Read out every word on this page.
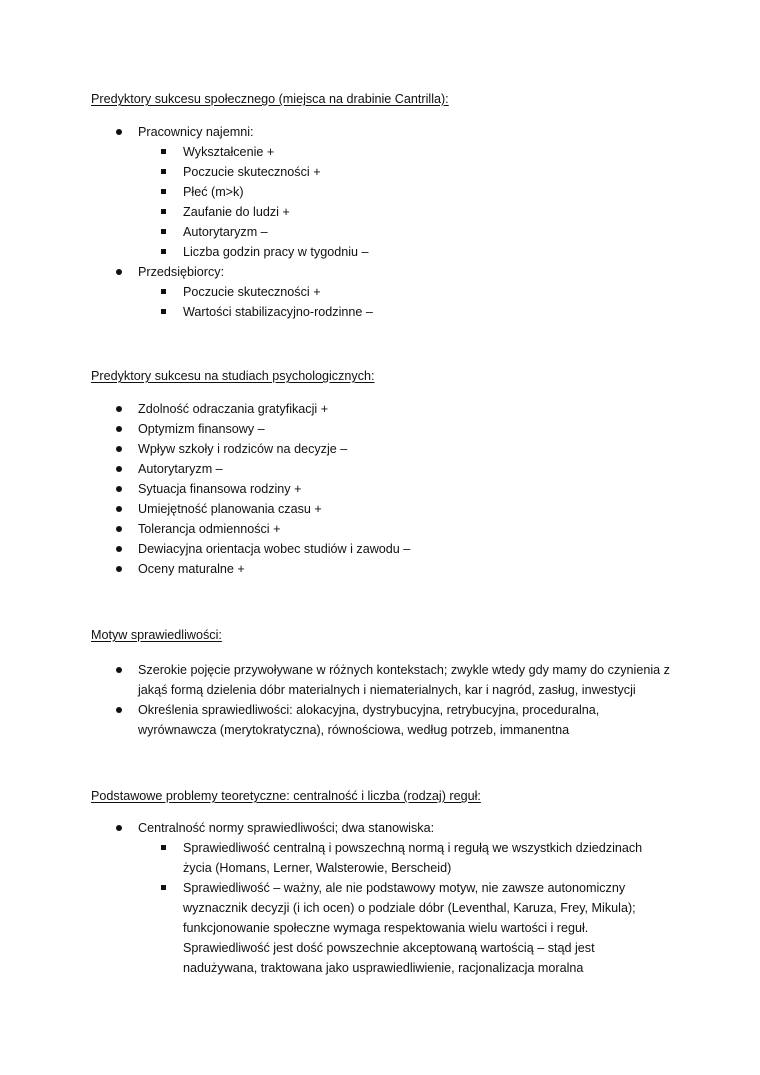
Predyktory sukcesu społecznego (miejsca na drabinie Cantrilla):
Pracownicy najemni:
Wykształcenie +
Poczucie skuteczności +
Płeć (m>k)
Zaufanie do ludzi +
Autorytaryzm –
Liczba godzin pracy w tygodniu –
Przedsiębiorcy:
Poczucie skuteczności +
Wartości stabilizacyjno-rodzinne –
Predyktory sukcesu na studiach psychologicznych:
Zdolność odraczania gratyfikacji +
Optymizm finansowy –
Wpływ szkoły i rodziców na decyzje –
Autorytaryzm –
Sytuacja finansowa rodziny +
Umiejętność planowania czasu +
Tolerancja odmienności +
Dewiacyjna orientacja wobec studiów i zawodu –
Oceny maturalne +
Motyw sprawiedliwości:
Szerokie pojęcie przywoływane w różnych kontekstach; zwykle wtedy gdy mamy do czynienia z jakąś formą dzielenia dóbr materialnych i niematerialnych, kar i nagród, zasług, inwestycji
Określenia sprawiedliwości: alokacyjna, dystrybucyjna, retrybucyjna, proceduralna, wyrównawcza (merytokratyczna), równościowa, według potrzeb, immanentna
Podstawowe problemy teoretyczne: centralność i liczba (rodzaj) reguł:
Centralność normy sprawiedliwości; dwa stanowiska:
Sprawiedliwość centralną i powszechną normą i regułą we wszystkich dziedzinach życia (Homans, Lerner, Walsterowie, Berscheid)
Sprawiedliwość – ważny, ale nie podstawowy motyw, nie zawsze autonomiczny wyznacznik decyzji (i ich ocen) o podziale dóbr (Leventhal, Karuza, Frey, Mikula); funkcjonowanie społeczne wymaga respektowania wielu wartości i reguł. Sprawiedliwość jest dość powszechnie akceptowaną wartością – stąd jest nadużywana, traktowana jako usprawiedliwienie, racjonalizacja moralna
